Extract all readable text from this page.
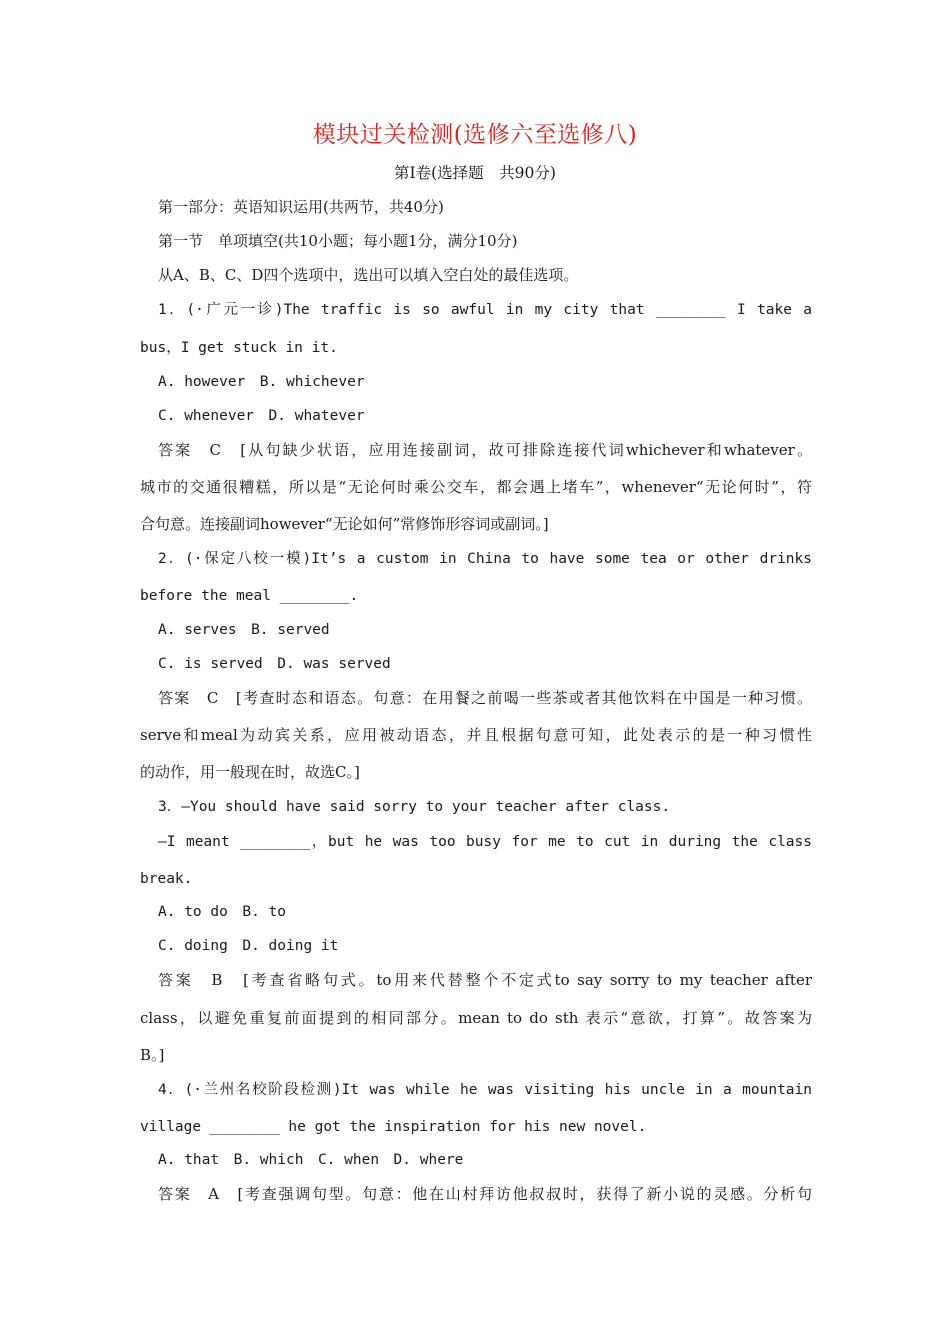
模块过关检测(选修六至选修八)
第Ⅰ卷(选择题　共90分)
第一部分：英语知识运用(共两节，共40分)
第一节　单项填空(共10小题；每小题1分，满分10分)
从A、B、C、D四个选项中，选出可以填入空白处的最佳选项。
1．(·广元一诊)The traffic is so awful in my city that ________ I take a
bus，I get stuck in it.
A. however　B. whichever
C. whenever　D. whatever
答案　C　[从句缺少状语，应用连接副词，故可排除连接代词whichever和whatever。
城市的交通很糟糕，所以是“无论何时乘公交车，都会遇上堵车”，whenever“无论何时”，符
合句意。连接副词however“无论如何”常修饰形容词或副词。]
2．(·保定八校一模)It’s a custom in China to have some tea or other drinks
before the meal ________.
A. serves　B. served
C. is served　D. was served
答案　C　[考查时态和语态。句意：在用餐之前喝一些茶或者其他饮料在中国是一种习惯。
serve和meal为动宾关系，应用被动语态，并且根据句意可知，此处表示的是一种习惯性
的动作，用一般现在时，故选C。]
3．—You should have said sorry to your teacher after class.
—I meant ________，but he was too busy for me to cut in during the class
break.
A. to do　B. to
C. doing　D. doing it
答案　B　[考查省略句式。to用来代替整个不定式to say sorry to my teacher after
class，以避免重复前面提到的相同部分。mean to do sth 表示“意欲，打算”。故答案为
B。]
4．(·兰州名校阶段检测)It was while he was visiting his uncle in a mountain
village ________ he got the inspiration for his new novel.
A. that　B. which　C. when　D. where
答案　A　[考查强调句型。句意：他在山村拜访他叔叔时，获得了新小说的灵感。分析句
